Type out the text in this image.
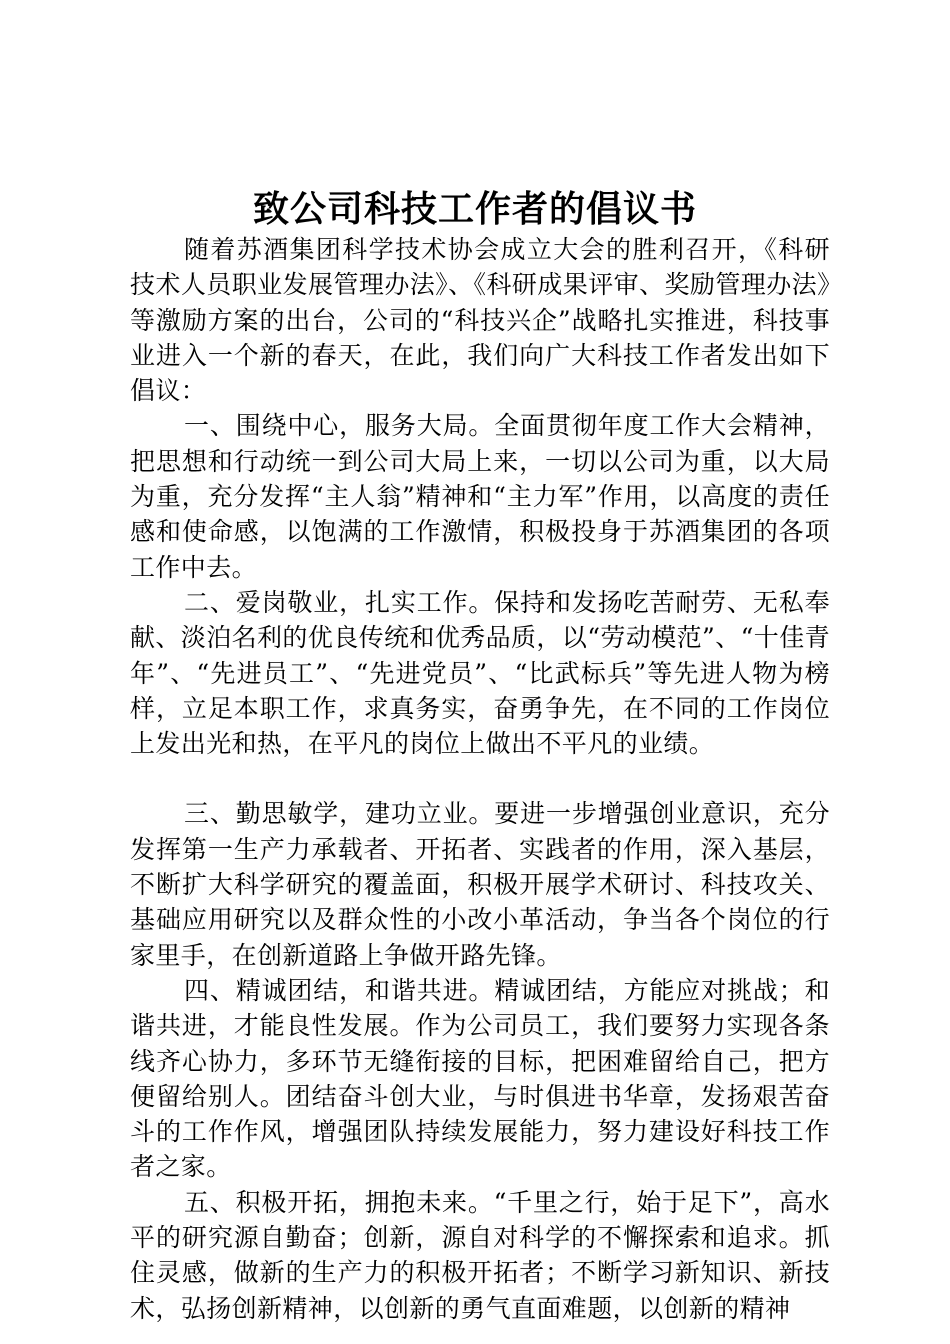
致公司科技工作者的倡议书

随着苏酒集团科学技术协会成立大会的胜利召开，《科研技术人员职业发展管理办法》、《科研成果评审、奖励管理办法》等激励方案的出台，公司的“科技兴企”战略扎实推进，科技事业进入一个新的春天，在此，我们向广大科技工作者发出如下倡议：

一、围绕中心，服务大局。全面贯彻年度工作大会精神，把思想和行动统一到公司大局上来，一切以公司为重，以大局为重，充分发挥“主人翁”精神和“主力军”作用，以高度的责任感和使命感，以饱满的工作激情，积极投身于苏酒集团的各项工作中去。

二、爱岗敬业，扎实工作。保持和发扬吃苦耐劳、无私奉献、淡泊名利的优良传统和优秀品质，以“劳动模范”、“十佳青年”、“先进员工”、“先进党员”、“比武标兵”等先进人物为榜样，立足本职工作，求真务实，奋勇争先，在不同的工作岗位上发出光和热，在平凡的岗位上做出不平凡的业绩。

三、勤思敏学，建功立业。要进一步增强创业意识，充分发挥第一生产力承载者、开拓者、实践者的作用，深入基层，不断扩大科学研究的覆盖面，积极开展学术研讨、科技攻关、基础应用研究以及群众性的小改小革活动，争当各个岗位的行家里手，在创新道路上争做开路先锋。

四、精诚团结，和谐共进。精诚团结，方能应对挑战；和谐共进，才能良性发展。作为公司员工，我们要努力实现各条线齐心协力，多环节无缝衔接的目标，把困难留给自己，把方便留给别人。团结奋斗创大业，与时俱进书华章，发扬艰苦奋斗的工作作风，增强团队持续发展能力，努力建设好科技工作者之家。

五、积极开拓，拥抱未来。“千里之行，始于足下”，高水平的研究源自勤奋；创新，源自对科学的不懈探索和追求。抓住灵感，做新的生产力的积极开拓者；不断学习新知识、新技术，弘扬创新精神，以创新的勇气直面难题，以创新的精神
